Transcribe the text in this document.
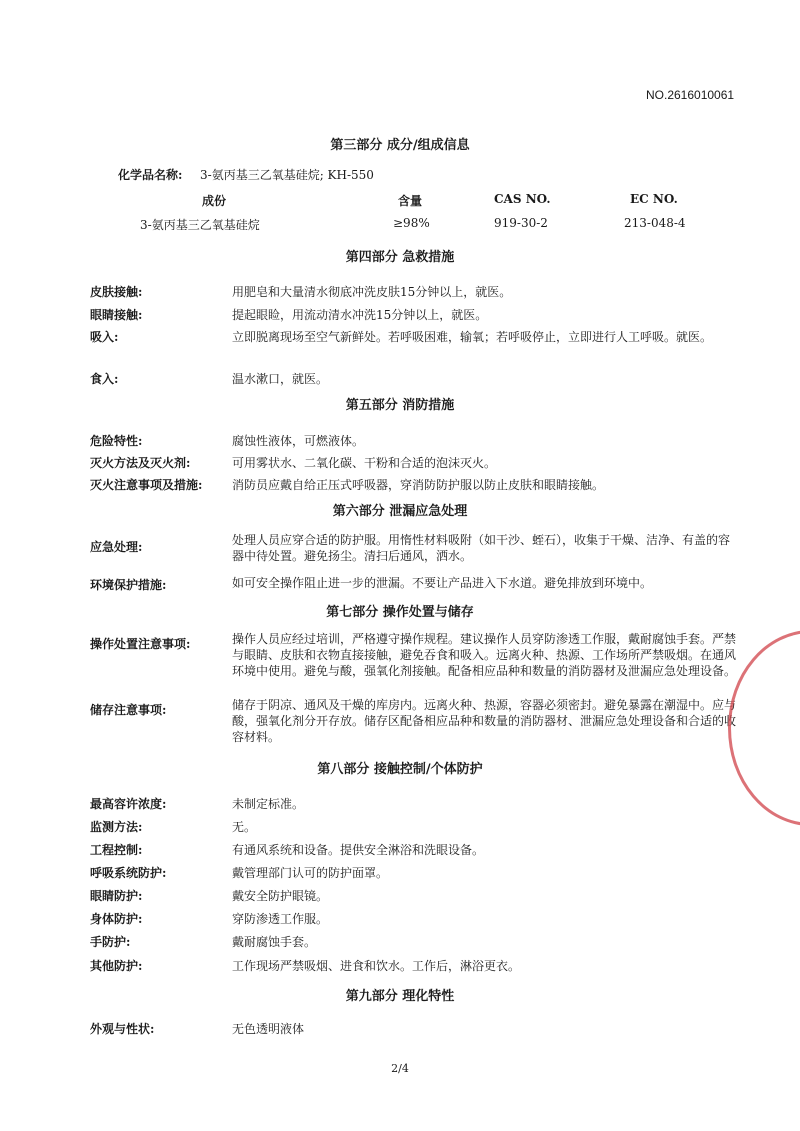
NO.2616010061
第三部分 成分/组成信息
化学品名称: 3-氨丙基三乙氧基硅烷; KH-550
成份	含量	CAS NO.	EC NO.
3-氨丙基三乙氧基硅烷	≥98%	919-30-2	213-048-4
第四部分 急救措施
皮肤接触:	用肥皂和大量清水彻底冲洗皮肤15分钟以上，就医。
眼睛接触:	提起眼睑，用流动清水冲洗15分钟以上，就医。
吸入:	立即脱离现场至空气新鲜处。若呼吸困难，输氧；若呼吸停止，立即进行人工呼吸。就医。
食入:	温水漱口，就医。
第五部分 消防措施
危险特性:	腐蚀性液体，可燃液体。
灭火方法及灭火剂:	可用雾状水、二氧化碳、干粉和合适的泡沫灭火。
灭火注意事项及措施: 消防员应戴自给正压式呼吸器，穿消防防护服以防止皮肤和眼睛接触。
第六部分 泄漏应急处理
应急处理:	处理人员应穿合适的防护服。用惰性材料吸附（如干沙、蛭石），收集于干燥、洁净、有盖的容器中待处置。避免扬尘。清扫后通风，洒水。
环境保护措施:	如可安全操作阻止进一步的泄漏。不要让产品进入下水道。避免排放到环境中。
第七部分 操作处置与储存
操作处置注意事项:	操作人员应经过培训，严格遵守操作规程。建议操作人员穿防渗透工作服，戴耐腐蚀手套。严禁与眼睛、皮肤和衣物直接接触，避免吞食和吸入。远离火种、热源、工作场所严禁吸烟。在通风环境中使用。避免与酸，强氧化剂接触。配备相应品种和数量的消防器材及泄漏应急处理设备。
储存注意事项:	储存于阴凉、通风及干燥的库房内。远离火种、热源，容器必须密封。避免暴露在潮湿中。应与酸，强氧化剂分开存放。储存区配备相应品种和数量的消防器材、泄漏应急处理设备和合适的收容材料。
第八部分 接触控制/个体防护
最高容许浓度:	未制定标准。
监测方法:	无。
工程控制:	有通风系统和设备。提供安全淋浴和洗眼设备。
呼吸系统防护:	戴管理部门认可的防护面罩。
眼睛防护:	戴安全防护眼镜。
身体防护:	穿防渗透工作服。
手防护:	戴耐腐蚀手套。
其他防护:	工作现场严禁吸烟、进食和饮水。工作后，淋浴更衣。
第九部分 理化特性
外观与性状:	无色透明液体
2/4
